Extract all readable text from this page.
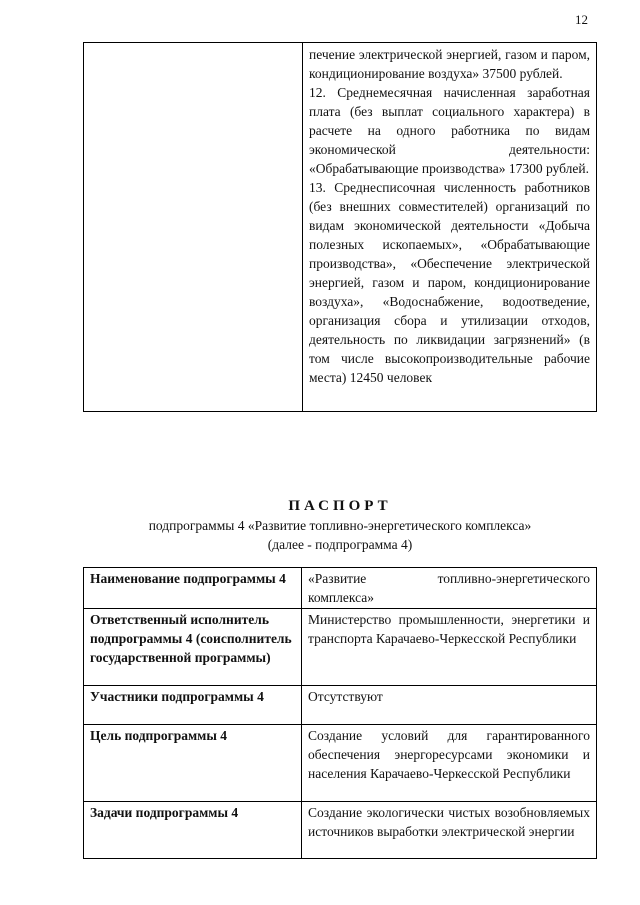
12

печение электрической энергией, газом и паром, кондиционирование воздуха» 37500 рублей.

12. Среднемесячная начисленная заработная плата (без выплат социального характера) в расчете на одного работника по видам экономической деятельности: «Обрабатывающие производства» 17300 рублей.

13. Среднесписочная численность работников (без внешних совместителей) организаций по видам экономической деятельности «Добыча полезных ископаемых», «Обрабатывающие производства», «Обеспечение электрической энергией, газом и паром, кондиционирование воздуха», «Водоснабжение, водоотведение, организация сбора и утилизации отходов, деятельность по ликвидации загрязнений» (в том числе высокопроизводительные рабочие места) 12450 человек

ПАСПОРТ

подпрограммы 4 «Развитие топливно-энергетического комплекса»

(далее - подпрограмма 4)

Наименование подпрограммы 4	«Развитие топливно-энергетического комплекса»
Ответственный исполнитель подпрограммы 4 (соисполнитель государственной программы)	Министерство промышленности, энергетики и транспорта Карачаево-Черкесской Республики
Участники подпрограммы 4	Отсутствуют
Цель подпрограммы 4	Создание условий для гарантированного обеспечения энергоресурсами экономики и населения Карачаево-Черкесской Республики
Задачи подпрограммы 4	Создание экологически чистых возобновляемых источников выработки электрической энергии
